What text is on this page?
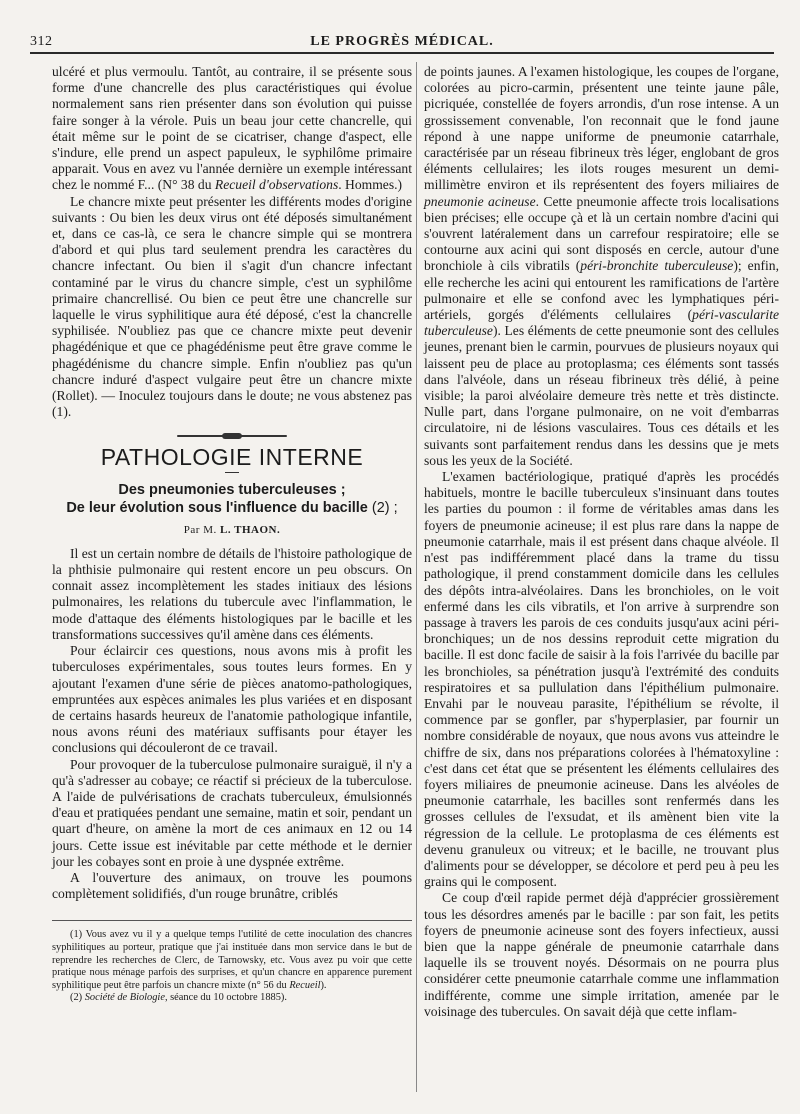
312	LE PROGRÈS MÉDICAL.

ulcéré et plus vermoulu. Tantôt, au contraire, il se présente sous forme d'une chancrelle des plus caractéristiques qui évolue normalement sans rien présenter dans son évolution qui puisse faire songer à la vérole. Puis un beau jour cette chancrelle, qui était même sur le point de se cicatriser, change d'aspect, elle s'indure, elle prend un aspect papuleux, le syphilôme primaire apparait. Vous en avez vu l'année dernière un exemple intéressant chez le nommé F... (N° 38 du Recueil d'observations. Hommes.)

Le chancre mixte peut présenter les différents modes d'origine suivants : Ou bien les deux virus ont été déposés simultanément et, dans ce cas-là, ce sera le chancre simple qui se montrera d'abord et qui plus tard seulement prendra les caractères du chancre infectant. Ou bien il s'agit d'un chancre infectant contaminé par le virus du chancre simple, c'est un syphilôme primaire chancrellisé. Ou bien ce peut être une chancrelle sur laquelle le virus syphilitique aura été déposé, c'est la chancrelle syphilisée. N'oubliez pas que ce chancre mixte peut devenir phagédénique et que ce phagédénisme peut être grave comme le phagédénisme du chancre simple. Enfin n'oubliez pas qu'un chancre induré d'aspect vulgaire peut être un chancre mixte (Rollet). — Inoculez toujours dans le doute; ne vous abstenez pas (1).

PATHOLOGIE INTERNE
Des pneumonies tuberculeuses ;
De leur évolution sous l'influence du bacille (2) ;
Par M. L. THAON.

Il est un certain nombre de détails de l'histoire pathologique de la phthisie pulmonaire qui restent encore un peu obscurs. On connait assez incomplètement les stades initiaux des lésions pulmonaires, les relations du tubercule avec l'inflammation, le mode d'attaque des éléments histologiques par le bacille et les transformations successives qu'il amène dans ces éléments.

Pour éclaircir ces questions, nous avons mis à profit les tuberculoses expérimentales, sous toutes leurs formes. En y ajoutant l'examen d'une série de pièces anatomo-pathologiques, empruntées aux espèces animales les plus variées et en disposant de certains hasards heureux de l'anatomie pathologique infantile, nous avons réuni des matériaux suffisants pour étayer les conclusions qui découleront de ce travail.

Pour provoquer de la tuberculose pulmonaire suraiguë, il n'y a qu'à s'adresser au cobaye; ce réactif si précieux de la tuberculose. A l'aide de pulvérisations de crachats tuberculeux, émulsionnés d'eau et pratiquées pendant une semaine, matin et soir, pendant un quart d'heure, on amène la mort de ces animaux en 12 ou 14 jours. Cette issue est inévitable par cette méthode et le dernier jour les cobayes sont en proie à une dyspnée extrême.

A l'ouverture des animaux, on trouve les poumons complètement solidifiés, d'un rouge brunâtre, criblés

(1) Vous avez vu il y a quelque temps l'utilité de cette inoculation des chancres syphilitiques au porteur, pratique que j'ai instituée dans mon service dans le but de reprendre les recherches de Clerc, de Tarnowsky, etc. Vous avez pu voir que cette pratique nous ménage parfois des surprises, et qu'un chancre en apparence purement syphilitique peut être parfois un chancre mixte (n° 56 du Recueil).

(2) Société de Biologie, séance du 10 octobre 1885).

de points jaunes. A l'examen histologique, les coupes de l'organe, colorées au picro-carmin, présentent une teinte jaune pâle, picriquée, constellée de foyers arrondis, d'un rose intense. A un grossissement convenable, l'on reconnait que le fond jaune répond à une nappe uniforme de pneumonie catarrhale, caractérisée par un réseau fibrineux très léger, englobant de gros éléments cellulaires; les ilots rouges mesurent un demi-millimètre environ et ils représentent des foyers miliaires de pneumonie acineuse. Cette pneumonie affecte trois localisations bien précises; elle occupe çà et là un certain nombre d'acini qui s'ouvrent latéralement dans un carrefour respiratoire; elle se contourne aux acini qui sont disposés en cercle, autour d'une bronchiole à cils vibratils (péri-bronchite tuberculeuse); enfin, elle recherche les acini qui entourent les ramifications de l'artère pulmonaire et elle se confond avec les lymphatiques péri-artériels, gorgés d'éléments cellulaires (péri-vascularite tuberculeuse). Les éléments de cette pneumonie sont des cellules jeunes, prenant bien le carmin, pourvues de plusieurs noyaux qui laissent peu de place au protoplasma; ces éléments sont tassés dans l'alvéole, dans un réseau fibrineux très délié, à peine visible; la paroi alvéolaire demeure très nette et très distincte. Nulle part, dans l'organe pulmonaire, on ne voit d'embarras circulatoire, ni de lésions vasculaires. Tous ces détails et les suivants sont parfaitement rendus dans les dessins que je mets sous les yeux de la Société.

L'examen bactériologique, pratiqué d'après les procédés habituels, montre le bacille tuberculeux s'insinuant dans toutes les parties du poumon : il forme de véritables amas dans les foyers de pneumonie acineuse; il est plus rare dans la nappe de pneumonie catarrhale, mais il est présent dans chaque alvéole. Il n'est pas indifféremment placé dans la trame du tissu pathologique, il prend constamment domicile dans les cellules des dépôts intra-alvéolaires. Dans les bronchioles, on le voit enfermé dans les cils vibratils, et l'on arrive à surprendre son passage à travers les parois de ces conduits jusqu'aux acini péri-bronchiques; un de nos dessins reproduit cette migration du bacille. Il est donc facile de saisir à la fois l'arrivée du bacille par les bronchioles, sa pénétration jusqu'à l'extrémité des conduits respiratoires et sa pullulation dans l'épithélium pulmonaire. Envahi par le nouveau parasite, l'épithélium se révolte, il commence par se gonfler, par s'hyperplasier, par fournir un nombre considérable de noyaux, que nous avons vus atteindre le chiffre de six, dans nos préparations colorées à l'hématoxyline : c'est dans cet état que se présentent les éléments cellulaires des foyers miliaires de pneumonie acineuse. Dans les alvéoles de pneumonie catarrhale, les bacilles sont renfermés dans les grosses cellules de l'exsudat, et ils amènent bien vite la régression de la cellule. Le protoplasma de ces éléments est devenu granuleux ou vitreux; et le bacille, ne trouvant plus d'aliments pour se développer, se décolore et perd peu à peu les grains qui le composent.

Ce coup d'œil rapide permet déjà d'apprécier grossièrement tous les désordres amenés par le bacille : par son fait, les petits foyers de pneumonie acineuse sont des foyers infectieux, aussi bien que la nappe générale de pneumonie catarrhale dans laquelle ils se trouvent noyés. Désormais on ne pourra plus considérer cette pneumonie catarrhale comme une inflammation indifférente, comme une simple irritation, amenée par le voisinage des tubercules. On savait déjà que cette inflam-
